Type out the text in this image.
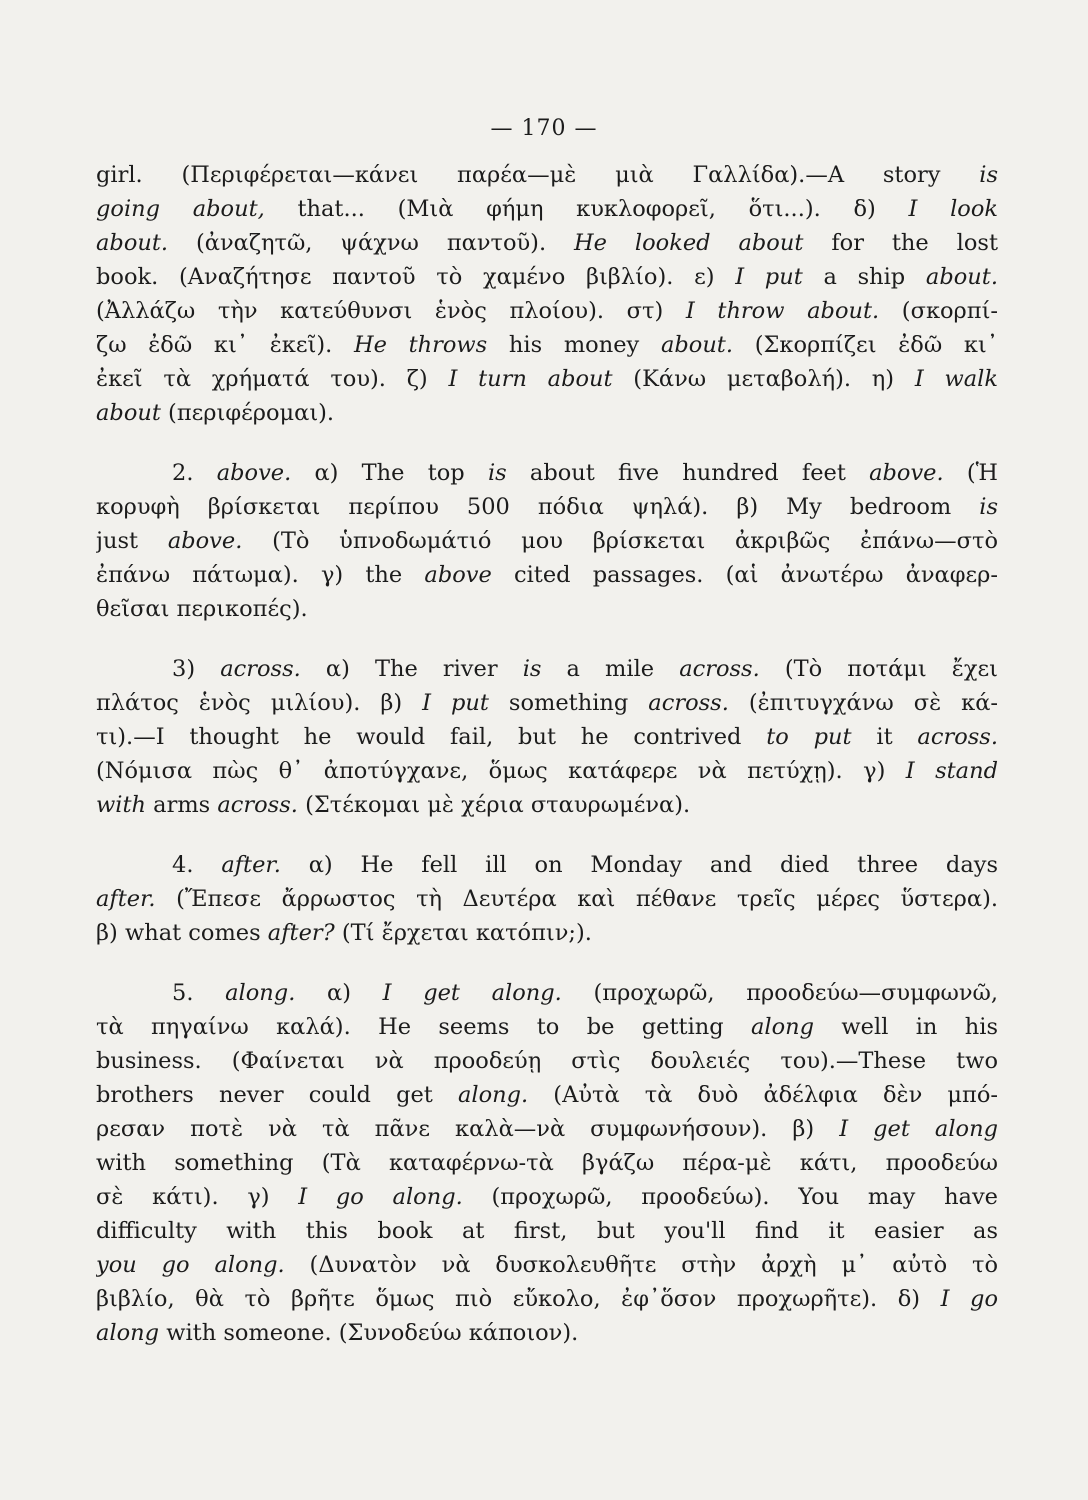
— 170 —
girl. (Περιφέρεται—κάνει παρέα—μὲ μιὰ Γαλλίδα).—A story is
going about, that... (Μιὰ φήμη κυκλοφορεῖ, ὅτι...). δ) I look
about. (ἀναζητῶ, ψάχνω παντοῦ). He looked about for the lost
book. (Αναζήτησε παντοῦ τὸ χαμένο βιβλίο). ε) I put a ship about.
(Ἀλλάζω τὴν κατεύθυνσι ἑνὸς πλοίου). στ) I throw about. (σκορπί-
ζω ἐδῶ κι᾽ ἐκεῖ). He throws his money about. (Σκορπίζει ἐδῶ κι᾽
ἐκεῖ τὰ χρήματά του). ζ) I turn about (Κάνω μεταβολή). η) I walk
about (περιφέρομαι).
2. above. α) The top is about five hundred feet above. (Ἡ
κορυφὴ βρίσκεται περίπου 500 πόδια ψηλά). β) My bedroom is
just above. (Τὸ ὑπνοδωμάτιό μου βρίσκεται ἀκριβῶς ἐπάνω—στὸ
ἐπάνω πάτωμα). γ) the above cited passages. (αἱ ἀνωτέρω ἀναφερ-
θεῖσαι περικοπές).
3) across. α) The river is a mile across. (Τὸ ποτάμι ἔχει
πλάτος ἑνὸς μιλίου). β) I put something across. (ἐπιτυγχάνω σὲ κά-
τι).—I thought he would fail, but he contrived to put it across.
(Νόμισα πὼς θ᾽ ἀποτύγχανε, ὅμως κατάφερε νὰ πετύχῃ). γ) I stand
with arms across. (Στέκομαι μὲ χέρια σταυρωμένα).
4. after. α) He fell ill on Monday and died three days
after. (Ἔπεσε ἄρρωστος τὴ Δευτέρα καὶ πέθανε τρεῖς μέρες ὕστερα).
β) what comes after? (Τί ἔρχεται κατόπιν;).
5. along. α) I get along. (προχωρῶ, προοδεύω—συμφωνῶ,
τὰ πηγαίνω καλά). He seems to be getting along well in his
business. (Φαίνεται νὰ προοδεύῃ στὶς δουλειές του).—These two
brothers never could get along. (Αὐτὰ τὰ δυὸ ἀδέλφια δὲν μπό-
ρεσαν ποτὲ νὰ τὰ πᾶνε καλὰ—νὰ συμφωνήσουν). β) I get along
with something (Τὰ καταφέρνω-τὰ βγάζω πέρα-μὲ κάτι, προοδεύω
σὲ κάτι). γ) I go along. (προχωρῶ, προοδεύω). You may have
difficulty with this book at first, but you'll find it easier as
you go along. (Δυνατὸν νὰ δυσκολευθῆτε στὴν ἀρχὴ μ᾽ αὐτὸ τὸ
βιβλίο, θὰ τὸ βρῆτε ὅμως πιὸ εὔκολο, ἐφ᾽ὅσον προχωρῆτε). δ) I go
along with someone. (Συνοδεύω κάποιον).
